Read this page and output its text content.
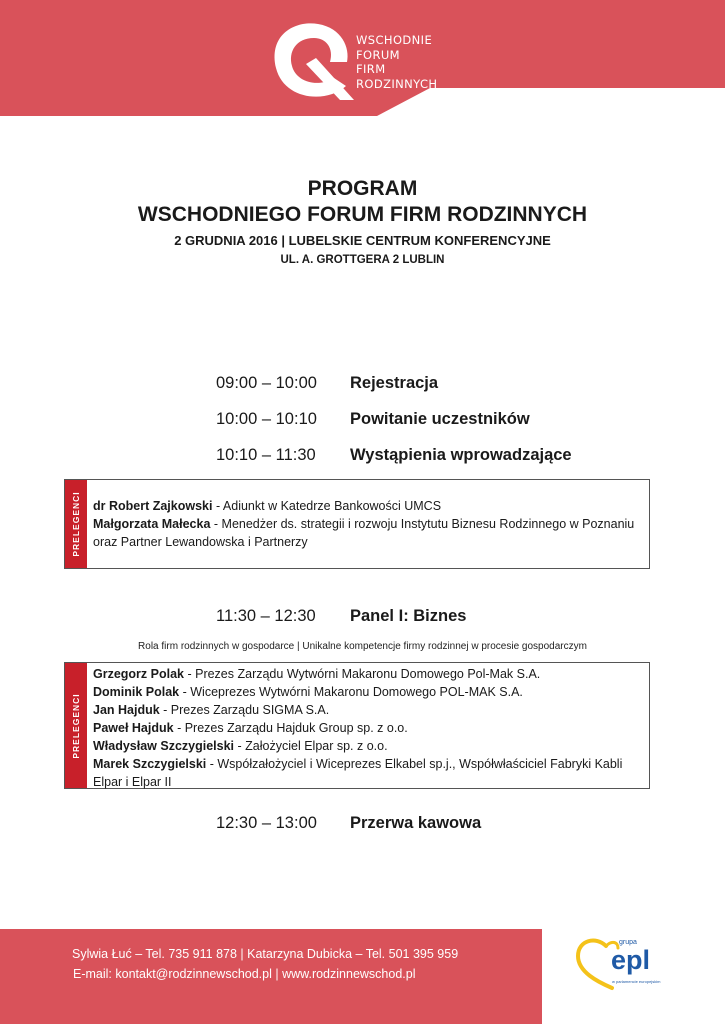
WSCHODNIE
FORUM
FIRM
RODZINNYCH
PROGRAM
WSCHODNIEGO FORUM FIRM RODZINNYCH
2 GRUDNIA 2016 | LUBELSKIE CENTRUM KONFERENCYJNE
UL. A. GROTTGERA 2 LUBLIN
09:00 – 10:00 Rejestracja
10:00 – 10:10 Powitanie uczestników
10:10 – 11:30 Wystąpienia wprowadzające
PRELEGENCI dr Robert Zajkowski - Adiunkt w Katedrze Bankowości UMCS
Małgorzata Małecka - Menedżer ds. strategii i rozwoju Instytutu Biznesu Rodzinnego w Poznaniu oraz Partner Lewandowska i Partnerzy
11:30 – 12:30 Panel I: Biznes
Rola firm rodzinnych w gospodarce | Unikalne kompetencje firmy rodzinnej w procesie gospodarczym
PRELEGENCI
Grzegorz Polak - Prezes Zarządu Wytwórni Makaronu Domowego Pol-Mak S.A.
Dominik Polak - Wiceprezes Wytwórni Makaronu Domowego POL-MAK S.A.
Jan Hajduk - Prezes Zarządu SIGMA S.A.
Paweł Hajduk - Prezes Zarządu Hajduk Group sp. z o.o.
Władysław Szczygielski - Założyciel Elpar sp. z o.o.
Marek Szczygielski - Współzałożyciel i Wiceprezes Elkabel sp.j., Współwłaściciel Fabryki Kabli Elpar i Elpar II
12:30 – 13:00 Przerwa kawowa
Sylwia Łuć – Tel. 735 911 878 | Katarzyna Dubicka – Tel. 501 395 959
E-mail: kontakt@rodzinnewschod.pl | www.rodzinnewschod.pl
grupa
epl
w parlamencie europejskim
